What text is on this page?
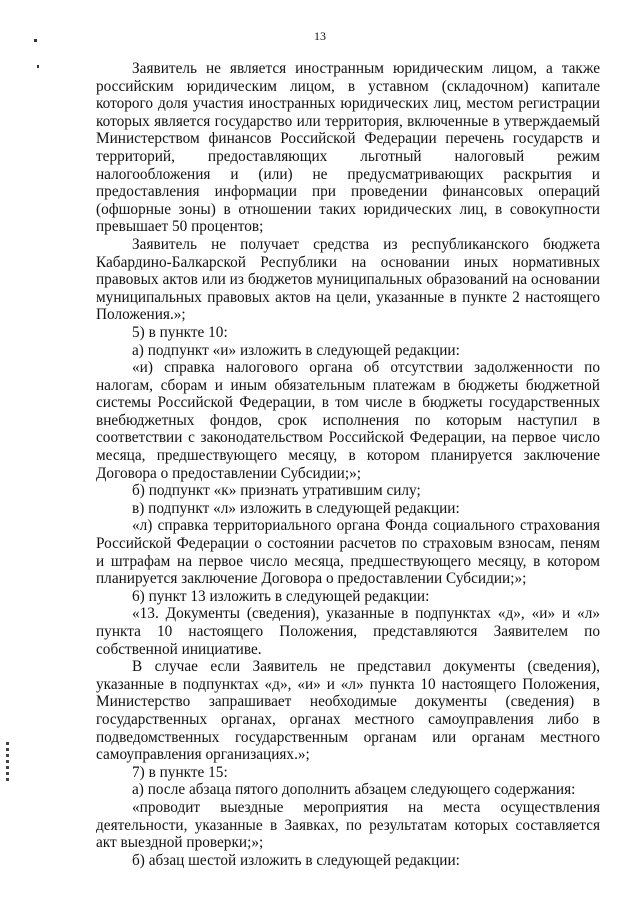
13

Заявитель не является иностранным юридическим лицом, а также российским юридическим лицом, в уставном (складочном) капитале которого доля участия иностранных юридических лиц, местом регистрации которых является государство или территория, включенные в утверждаемый Министерством финансов Российской Федерации перечень государств и территорий, предоставляющих льготный налоговый режим налогообложения и (или) не предусматривающих раскрытия и предоставления информации при проведении финансовых операций (офшорные зоны) в отношении таких юридических лиц, в совокупности превышает 50 процентов;

Заявитель не получает средства из республиканского бюджета Кабардино-Балкарской Республики на основании иных нормативных правовых актов или из бюджетов муниципальных образований на основании муниципальных правовых актов на цели, указанные в пункте 2 настоящего Положения.»;

5) в пункте 10:

а) подпункт «и» изложить в следующей редакции:

«и) справка налогового органа об отсутствии задолженности по налогам, сборам и иным обязательным платежам в бюджеты бюджетной системы Российской Федерации, в том числе в бюджеты государственных внебюджетных фондов, срок исполнения по которым наступил в соответствии с законодательством Российской Федерации, на первое число месяца, предшествующего месяцу, в котором планируется заключение Договора о предоставлении Субсидии;»;

б) подпункт «к» признать утратившим силу;

в) подпункт «л» изложить в следующей редакции:

«л) справка территориального органа Фонда социального страхования Российской Федерации о состоянии расчетов по страховым взносам, пеням и штрафам на первое число месяца, предшествующего месяцу, в котором планируется заключение Договора о предоставлении Субсидии;»;

6) пункт 13 изложить в следующей редакции:

«13. Документы (сведения), указанные в подпунктах «д», «и» и «л» пункта 10 настоящего Положения, представляются Заявителем по собственной инициативе.

В случае если Заявитель не представил документы (сведения), указанные в подпунктах «д», «и» и «л» пункта 10 настоящего Положения, Министерство запрашивает необходимые документы (сведения) в государственных органах, органах местного самоуправления либо в подведомственных государственным органам или органам местного самоуправления организациях.»;

7) в пункте 15:

а) после абзаца пятого дополнить абзацем следующего содержания:

«проводит выездные мероприятия на места осуществления деятельности, указанные в Заявках, по результатам которых составляется акт выездной проверки;»;

б) абзац шестой изложить в следующей редакции:
